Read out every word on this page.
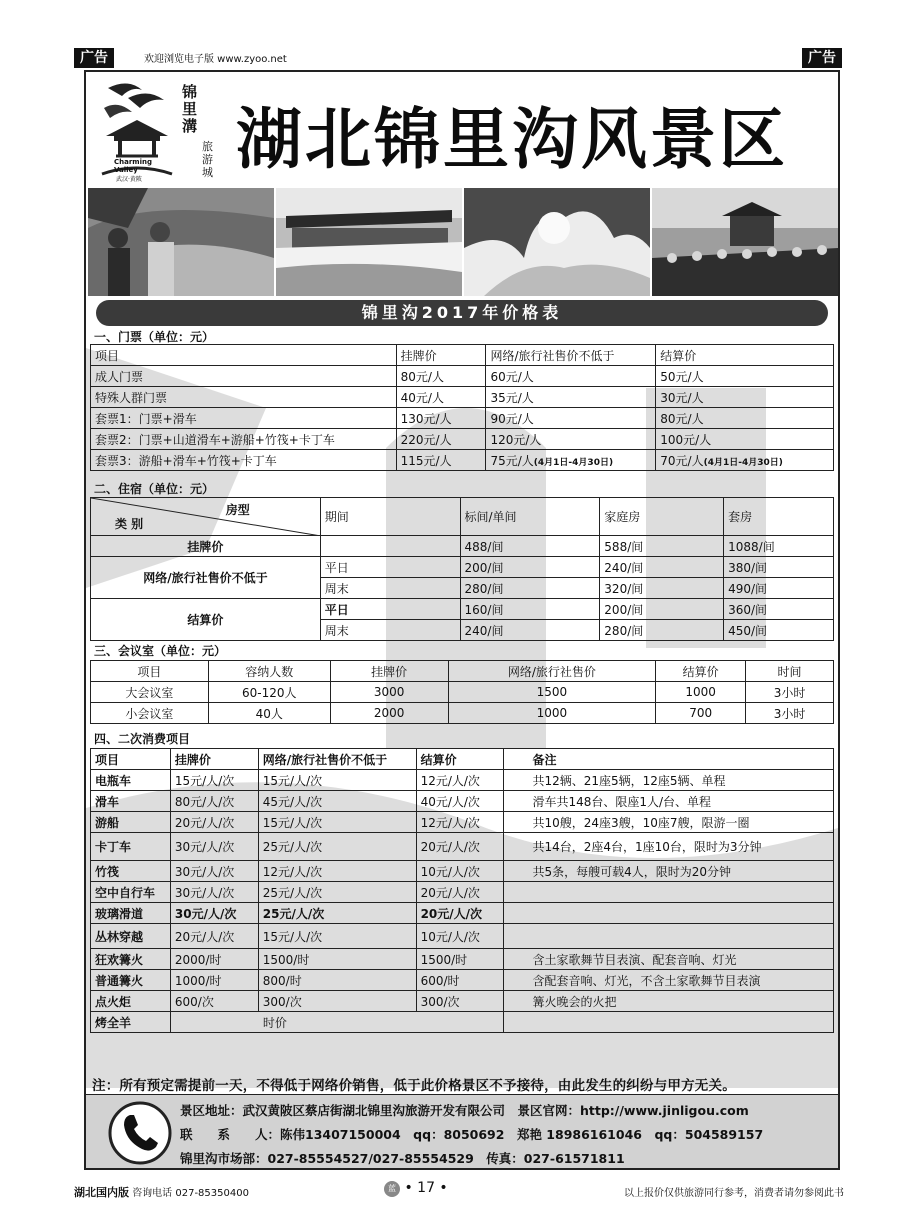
广告	欢迎浏览电子版 www.zyoo.net	广告
锦里溝
旅游城
Charming Valley
武汉·黄陂
湖北锦里沟风景区
锦里沟2017年价格表
一、门票（单位：元）
项目	挂牌价	网络/旅行社售价不低于	结算价
成人门票	80元/人	60元/人	50元/人
特殊人群门票	40元/人	35元/人	30元/人
套票1：门票+滑车	130元/人	90元/人	80元/人
套票2：门票+山道滑车+游船+竹筏+卡丁车	220元/人	120元/人	100元/人
套票3：游船+滑车+竹筏+卡丁车	115元/人	75元/人(4月1日-4月30日)	70元/人(4月1日-4月30日)
二、住宿（单位：元）
房型
类 别	期间	标间/单间	家庭房	套房
挂牌价		488/间	588/间	1088/间
网络/旅行社售价不低于	平日	200/间	240/间	380/间
	周末	280/间	320/间	490/间
结算价	平日	160/间	200/间	360/间
	周末	240/间	280/间	450/间
三、会议室（单位：元）
项目	容纳人数	挂牌价	网络/旅行社售价	结算价	时间
大会议室	60-120人	3000	1500	1000	3小时
小会议室	40人	2000	1000	700	3小时
四、二次消费项目
项目	挂牌价	网络/旅行社售价不低于	结算价	备注
电瓶车	15元/人/次	15元/人/次	12元/人/次	共12辆、21座5辆，12座5辆、单程
滑车	80元/人/次	45元/人/次	40元/人/次	滑车共148台、限座1人/台、单程
游船	20元/人/次	15元/人/次	12元/人/次	共10艘，24座3艘，10座7艘，限游一圈
卡丁车	30元/人/次	25元/人/次	20元/人/次	共14台，2座4台，1座10台，限时为3分钟
竹筏	30元/人/次	12元/人/次	10元/人/次	共5条，每艘可载4人，限时为20分钟
空中自行车	30元/人/次	25元/人/次	20元/人/次	
玻璃滑道	30元/人/次	25元/人/次	20元/人/次	
丛林穿越	20元/人/次	15元/人/次	10元/人/次	
狂欢篝火	2000/时	1500/时	1500/时	含土家歌舞节目表演、配套音响、灯光
普通篝火	1000/时	800/时	600/时	含配套音响、灯光，不含土家歌舞节目表演
点火炬	600/次	300/次	300/次	篝火晚会的火把
烤全羊	时价			
注：所有预定需提前一天，不得低于网络价销售，低于此价格景区不予接待，由此发生的纠纷与甲方无关。
景区地址：武汉黄陂区蔡店街湖北锦里沟旅游开发有限公司　景区官网：http://www.jinligou.com
联　　系　　人：陈伟13407150004　qq：8050692　郑艳 18986161046　qq：504589157
锦里沟市场部：027-85554527/027-85554529　传真：027-61571811
湖北国内版 咨询电话 027-85350400	蓝 • 17 •	以上报价仅供旅游同行参考，消费者请勿参阅此书
